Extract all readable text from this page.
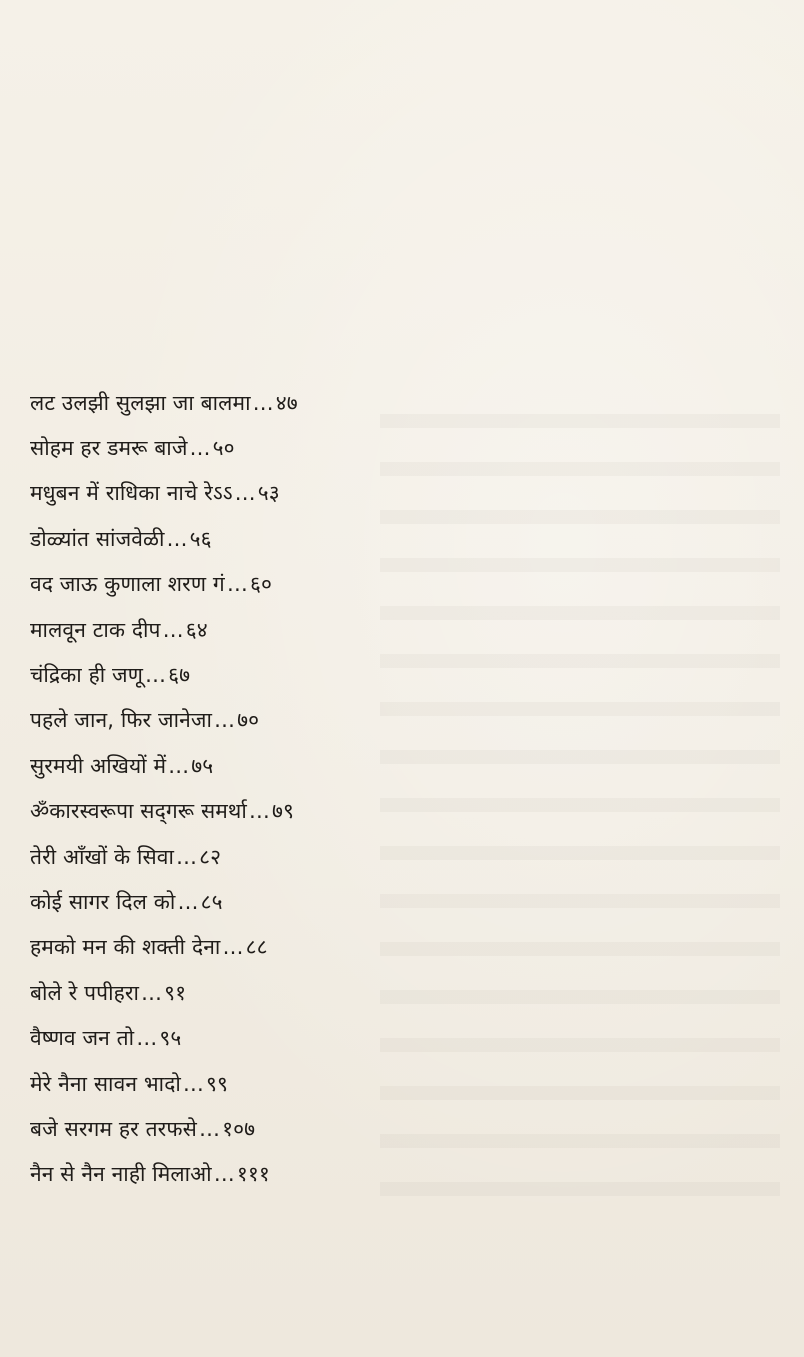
लट उलझी सुलझा जा बालमा … ४७
सोहम हर डमरू बाजे … ५०
मधुबन में राधिका नाचे रेऽऽ … ५३
डोळ्यांत सांजवेळी … ५६
वद जाऊ कुणाला शरण गं … ६०
मालवून टाक दीप … ६४
चंद्रिका ही जणू … ६७
पहले जान, फिर जानेजा … ७०
सुरमयी अखियों में … ७५
ॐकारस्वरूपा सद्‌गरू समर्था … ७९
तेरी आँखों के सिवा … ८२
कोई सागर दिल को … ८५
हमको मन की शक्ती देना … ८८
बोले रे पपीहरा … ९१
वैष्णव जन तो … ९५
मेरे नैना सावन भादो … ९९
बजे सरगम हर तरफसे … १०७
नैन से नैन नाही मिलाओ … १११
